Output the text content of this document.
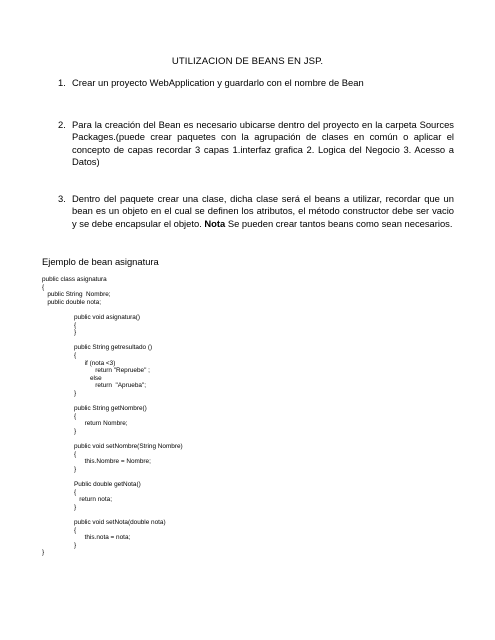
UTILIZACION DE BEANS EN JSP.
1. Crear un proyecto WebApplication y guardarlo con el nombre de Bean
2. Para la creación del Bean es necesario ubicarse dentro del proyecto en la carpeta Sources Packages.(puede crear paquetes con la agrupación de clases en común o aplicar el concepto de capas recordar 3 capas 1.interfaz grafica 2. Logica del Negocio 3. Acesso a Datos)
3. Dentro del paquete crear una clase, dicha clase será el beans a utilizar, recordar que un bean es un objeto en el cual se definen los atributos, el método constructor debe ser vacio y se debe encapsular el objeto. Nota Se pueden crear tantos beans como sean necesarios.
Ejemplo de bean asignatura
public class asignatura
{
public String  Nombre;
public double nota;
public void asignatura()
{
}
public String getresultado ()
{
if (nota <3)
return "Repruebe" ;
else
return  "Aprueba";
}
public String getNombre()
{
return Nombre;
}
public void setNombre(String Nombre)
{
this.Nombre = Nombre;
}
Public double getNota()
{
return nota;
}
public void setNota(double nota)
{
this.nota = nota;
}
}
